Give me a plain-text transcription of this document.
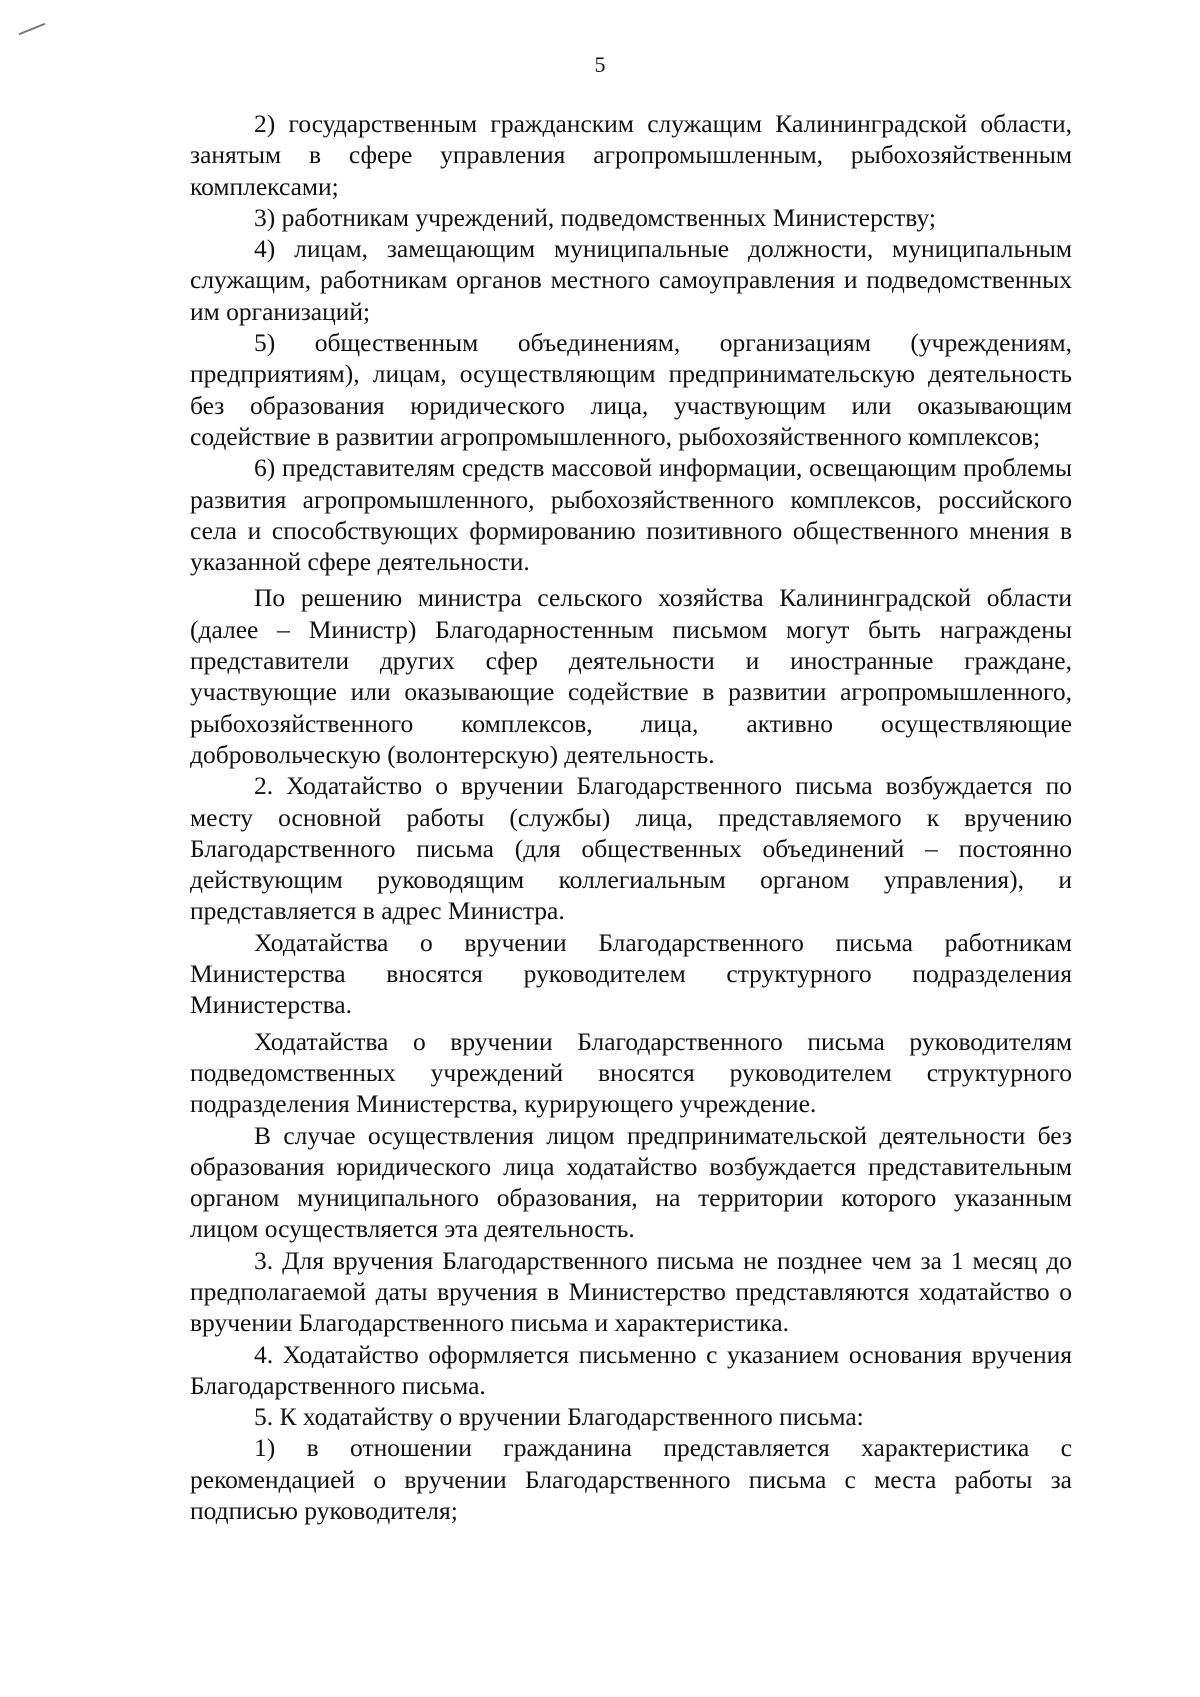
5

2) государственным гражданским служащим Калининградской области, занятым в сфере управления агропромышленным, рыбохозяйственным комплексами;

3) работникам учреждений, подведомственных Министерству;

4) лицам, замещающим муниципальные должности, муниципальным служащим, работникам органов местного самоуправления и подведомственных им организаций;

5) общественным объединениям, организациям (учреждениям, предприятиям), лицам, осуществляющим предпринимательскую деятельность без образования юридического лица, участвующим или оказывающим содействие в развитии агропромышленного, рыбохозяйственного комплексов;

6) представителям средств массовой информации, освещающим проблемы развития агропромышленного, рыбохозяйственного комплексов, российского села и способствующих формированию позитивного общественного мнения в указанной сфере деятельности.

По решению министра сельского хозяйства Калининградской области (далее – Министр) Благодарностенным письмом могут быть награждены представители других сфер деятельности и иностранные граждане, участвующие или оказывающие содействие в развитии агропромышленного, рыбохозяйственного комплексов, лица, активно осуществляющие добровольческую (волонтерскую) деятельность.

2. Ходатайство о вручении Благодарственного письма возбуждается по месту основной работы (службы) лица, представляемого к вручению Благодарственного письма (для общественных объединений – постоянно действующим руководящим коллегиальным органом управления), и представляется в адрес Министра.

Ходатайства о вручении Благодарственного письма работникам Министерства вносятся руководителем структурного подразделения Министерства.

Ходатайства о вручении Благодарственного письма руководителям подведомственных учреждений вносятся руководителем структурного подразделения Министерства, курирующего учреждение.

В случае осуществления лицом предпринимательской деятельности без образования юридического лица ходатайство возбуждается представительным органом муниципального образования, на территории которого указанным лицом осуществляется эта деятельность.

3. Для вручения Благодарственного письма не позднее чем за 1 месяц до предполагаемой даты вручения в Министерство представляются ходатайство о вручении Благодарственного письма и характеристика.

4. Ходатайство оформляется письменно с указанием основания вручения Благодарственного письма.

5. К ходатайству о вручении Благодарственного письма:

1) в отношении гражданина представляется характеристика с рекомендацией о вручении Благодарственного письма с места работы за подписью руководителя;
